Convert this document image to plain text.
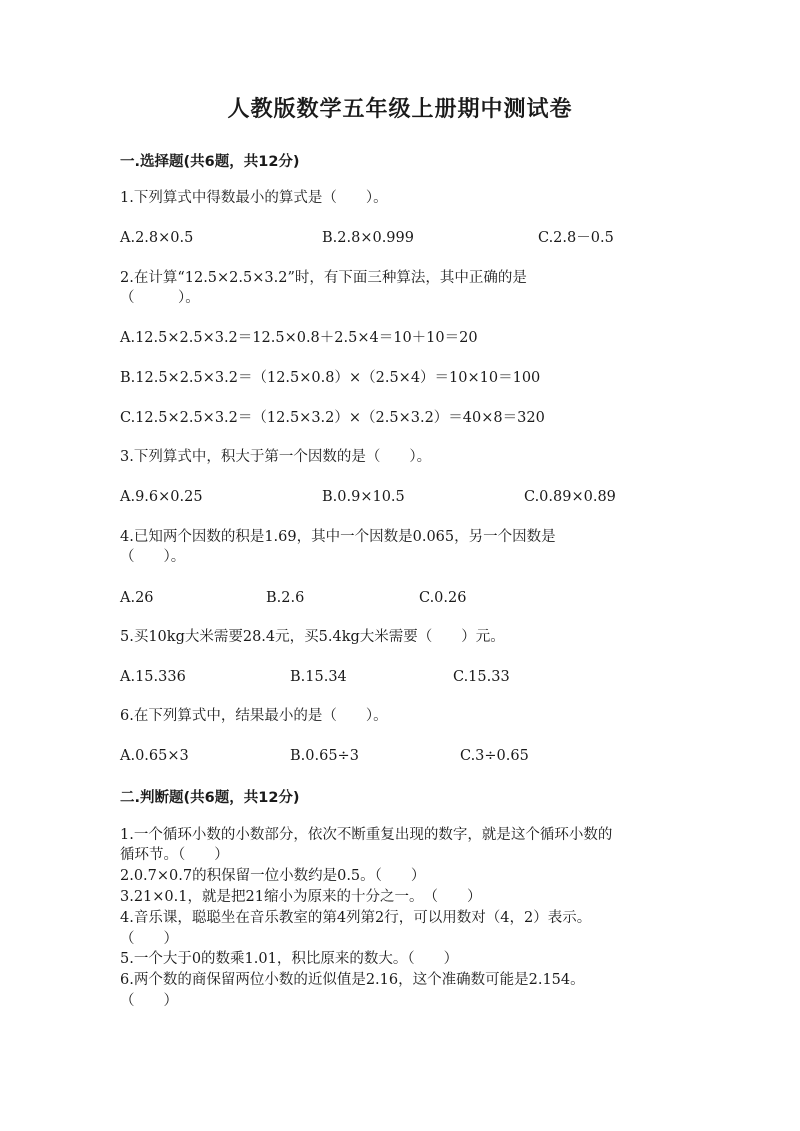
人教版数学五年级上册期中测试卷
一.选择题(共6题，共12分)
1.下列算式中得数最小的算式是（　　）。
A.2.8×0.5	B.2.8×0.999	C.2.8－0.5
2.在计算“12.5×2.5×3.2”时，有下面三种算法，其中正确的是
（　　　）。
A.12.5×2.5×3.2＝12.5×0.8＋2.5×4＝10＋10＝20
B.12.5×2.5×3.2＝（12.5×0.8）×（2.5×4）＝10×10＝100
C.12.5×2.5×3.2＝（12.5×3.2）×（2.5×3.2）＝40×8＝320
3.下列算式中，积大于第一个因数的是（　　）。
A.9.6×0.25	B.0.9×10.5	C.0.89×0.89
4.已知两个因数的积是1.69，其中一个因数是0.065，另一个因数是
（　　）。
A.26	B.2.6	C.0.26
5.买10kg大米需要28.4元，买5.4kg大米需要（　　）元。
A.15.336	B.15.34	C.15.33
6.在下列算式中，结果最小的是（　　）。
A.0.65×3	B.0.65÷3	C.3÷0.65
二.判断题(共6题，共12分)
1.一个循环小数的小数部分，依次不断重复出现的数字，就是这个循环小数的
循环节。（　　）
2.0.7×0.7的积保留一位小数约是0.5。（　　）
3.21×0.1，就是把21缩小为原来的十分之一。　（　　）
4.音乐课，聪聪坐在音乐教室的第4列第2行，可以用数对（4，2）表示。
（　　）
5.一个大于0的数乘1.01，积比原来的数大。（　　）
6.两个数的商保留两位小数的近似值是2.16，这个准确数可能是2.154。
（　　）
